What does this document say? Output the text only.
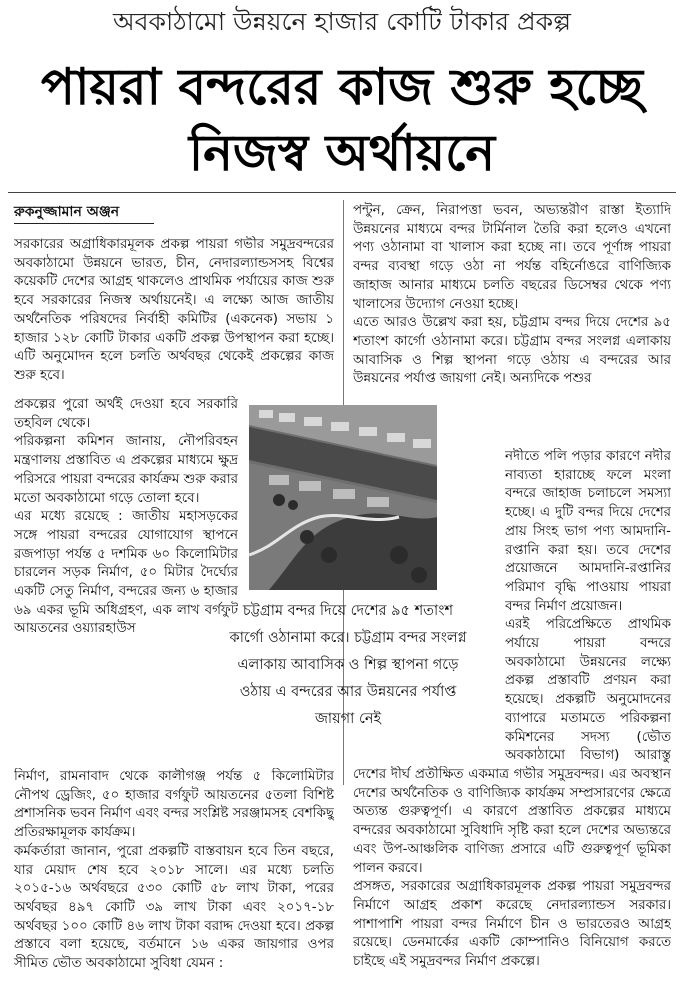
অবকাঠামো উন্নয়নে হাজার কোটি টাকার প্রকল্প
পায়রা বন্দরের কাজ শুরু হচ্ছে
নিজস্ব অর্থায়নে
রুকনুজ্জামান অঞ্জন

সরকারের অগ্রাধিকারমূলক প্রকল্প পায়রা গভীর সমুদ্রবন্দরের অবকাঠামো উন্নয়নে ভারত, চীন, নেদারল্যান্ডসসহ বিশ্বের কয়েকটি দেশের আগ্রহ থাকলেও প্রাথমিক পর্যায়ের কাজ শুরু হবে সরকারের নিজস্ব অর্থায়নেই। এ লক্ষ্যে আজ জাতীয় অর্থনৈতিক পরিষদের নির্বাহী কমিটির (একনেক) সভায় ১ হাজার ১২৮ কোটি টাকার একটি প্রকল্প উপস্থাপন করা হচ্ছে। এটি অনুমোদন হলে চলতি অর্থবছর থেকেই প্রকল্পের কাজ শুরু হবে।

প্রকল্পের পুরো অর্থই দেওয়া হবে সরকারি তহবিল থেকে।

পরিকল্পনা কমিশন জানায়, নৌপরিবহন মন্ত্রণালয় প্রস্তাবিত এ প্রকল্পের মাধ্যমে ক্ষুদ্র পরিসরে পায়রা বন্দরের কার্যক্রম শুরু করার মতো অবকাঠামো গড়ে তোলা হবে।

এর মধ্যে রয়েছে : জাতীয় মহাসড়কের সঙ্গে পায়রা বন্দরের যোগাযোগ স্থাপনে রজপাড়া পর্যন্ত ৫ দশমিক ৬০ কিলোমিটার চারলেন সড়ক নির্মাণ, ৫০ মিটার দৈর্ঘ্যের একটি সেতু নির্মাণ, বন্দরের জন্য ৬ হাজার ৬৯ একর ভূমি অধিগ্রহণ, এক লাখ বর্গফুট আয়তনের ওয়্যারহাউস

নির্মাণ, রামনাবাদ থেকে কালীগঞ্জ পর্যন্ত ৫ কিলোমিটার নৌপথ ড্রেজিং, ৫০ হাজার বর্গফুট আয়তনের ৫তলা বিশিষ্ট প্রশাসনিক ভবন নির্মাণ এবং বন্দর সংশ্লিষ্ট সরঞ্জামসহ বেশকিছু প্রতিরক্ষামূলক কার্যক্রম।

কর্মকর্তারা জানান, পুরো প্রকল্পটি বাস্তবায়ন হবে তিন বছরে, যার মেয়াদ শেষ হবে ২০১৮ সালে। এর মধ্যে চলতি ২০১৫-১৬ অর্থবছরে ৫৩০ কোটি ৫৮ লাখ টাকা, পরের অর্থবছর ৪৯৭ কোটি ৩৯ লাখ টাকা এবং ২০১৭-১৮ অর্থবছর ১০০ কোটি ৪৬ লাখ টাকা বরাদ্দ দেওয়া হবে। প্রকল্প প্রস্তাবে বলা হয়েছে, বর্তমানে ১৬ একর জায়গার ওপর সীমিত ভৌত অবকাঠামো সুবিধা যেমন :

পন্টুন, ক্রেন, নিরাপত্তা ভবন, অভ্যন্তরীণ রাস্তা ইত্যাদি উন্নয়নের মাধ্যমে বন্দর টার্মিনাল তৈরি করা হলেও এখনো পণ্য ওঠানামা বা খালাস করা হচ্ছে না। তবে পূর্ণাঙ্গ পায়রা বন্দর ব্যবস্থা গড়ে ওঠা না পর্যন্ত বহির্নোঙরে বাণিজ্যিক জাহাজ আনার মাধ্যমে চলতি বছরের ডিসেম্বর থেকে পণ্য খালাসের উদ্যোগ নেওয়া হচ্ছে।

এতে আরও উল্লেখ করা হয়, চট্টগ্রাম বন্দর দিয়ে দেশের ৯৫ শতাংশ কার্গো ওঠানামা করে। চট্টগ্রাম বন্দর সংলগ্ন এলাকায় আবাসিক ও শিল্প স্থাপনা গড়ে ওঠায় এ বন্দরের আর উন্নয়নের পর্যাপ্ত জায়গা নেই। অন্যদিকে পশুর

নদীতে পলি পড়ার কারণে নদীর নাব্যতা হারাচ্ছে ফলে মংলা বন্দরে জাহাজ চলাচলে সমস্যা হচ্ছে। এ দুটি বন্দর দিয়ে দেশের প্রায় সিংহ ভাগ পণ্য আমদানি-রপ্তানি করা হয়। তবে দেশের প্রয়োজনে আমদানি-রপ্তানির পরিমাণ বৃদ্ধি পাওয়ায় পায়রা বন্দর নির্মাণ প্রয়োজন।

এরই পরিপ্রেক্ষিতে প্রাথমিক পর্যায়ে পায়রা বন্দরে অবকাঠামো উন্নয়নের লক্ষ্যে প্রকল্প প্রস্তাবটি প্রণয়ন করা হয়েছে। প্রকল্পটি অনুমোদনের ব্যাপারে মতামতে পরিকল্পনা কমিশনের সদস্য (ভৌত অবকাঠামো বিভাগ) আরাস্তু

দেশের দীর্ঘ প্রতীক্ষিত একমাত্র গভীর সমুদ্রবন্দর। এর অবস্থান দেশের অর্থনৈতিক ও বাণিজ্যিক কার্যক্রম সম্প্রসারণের ক্ষেত্রে অত্যন্ত গুরুত্বপূর্ণ। এ কারণে প্রস্তাবিত প্রকল্পের মাধ্যমে বন্দরের অবকাঠামো সুবিধাদি সৃষ্টি করা হলে দেশের অভ্যন্তরে এবং উপ-আঞ্চলিক বাণিজ্য প্রসারে এটি গুরুত্বপূর্ণ ভূমিকা পালন করবে।

প্রসঙ্গত, সরকারের অগ্রাধিকারমূলক প্রকল্প পায়রা সমুদ্রবন্দর নির্মাণে আগ্রহ প্রকাশ করেছে নেদারল্যান্ডস সরকার। পাশাপাশি পায়রা বন্দর নির্মাণে চীন ও ভারতেরও আগ্রহ রয়েছে। ডেনমার্কের একটি কোম্পানিও বিনিয়োগ করতে চাইছে এই সমুদ্রবন্দর নির্মাণ প্রকল্পে।

চট্টগ্রাম বন্দর দিয়ে দেশের ৯৫ শতাংশ কার্গো ওঠানামা করে। চট্টগ্রাম বন্দর সংলগ্ন এলাকায় আবাসিক ও শিল্প স্থাপনা গড়ে ওঠায় এ বন্দরের আর উন্নয়নের পর্যাপ্ত জায়গা নেই
